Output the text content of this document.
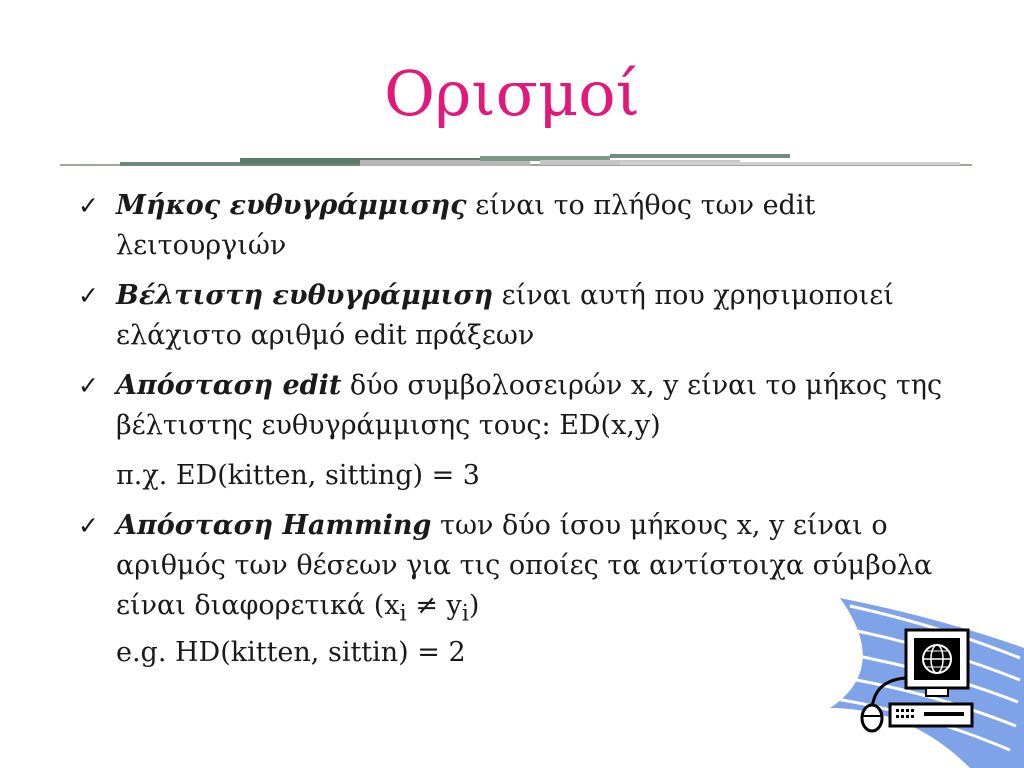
Ορισμοί
✓ Μήκος ευθυγράμμισης είναι το πλήθος των edit λειτουργιών
✓ Βέλτιστη ευθυγράμμιση είναι αυτή που χρησιμοποιεί ελάχιστο αριθμό edit πράξεων
✓ Απόσταση edit δύο συμβολοσειρών x, y είναι το μήκος της βέλτιστης ευθυγράμμισης τους: ED(x,y)
π.χ. ED(kitten, sitting) = 3
✓ Απόσταση Hamming των δύο ίσου μήκους x, y είναι ο αριθμός των θέσεων για τις οποίες τα αντίστοιχα σύμβολα είναι διαφορετικά $(x_i \ne y_i)$
e.g. HD(kitten, sittin) = 2
